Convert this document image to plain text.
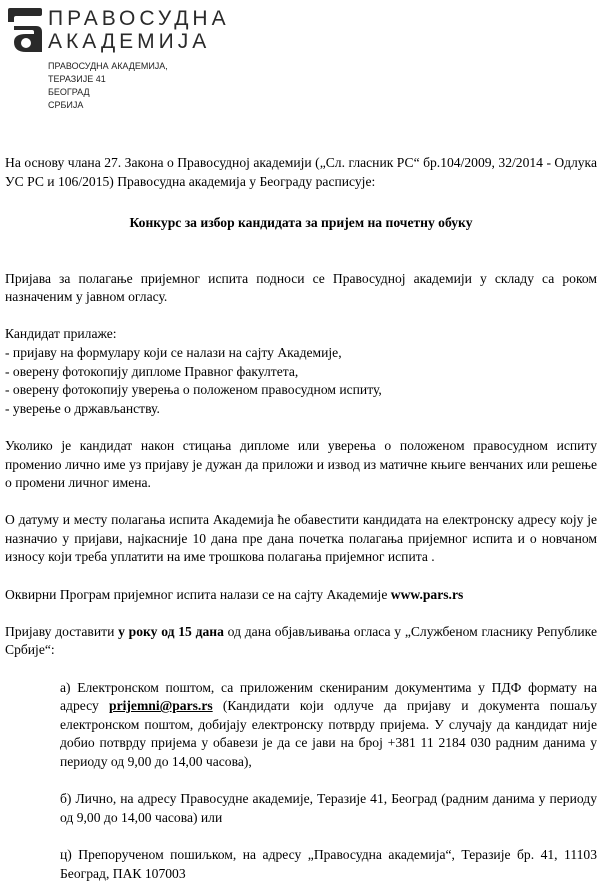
ПРАВОСУДНА
АКАДЕМИЈА
ПРАВОСУДНА АКАДЕМИЈА,
ТЕРАЗИЈЕ 41
БЕОГРАД
СРБИЈА

На основу члана 27. Закона о Правосудној академији („Сл. гласник РС“ бр.104/2009, 32/2014 - Одлука УС РС и 106/2015) Правосудна академија у Београду расписује:

Конкурс за избор кандидата за пријем на почетну обуку

Пријава за полагање пријемног испита подноси се Правосудној академији у складу са роком назначеним у јавном огласу.

Кандидат прилаже:

- пријаву на формулару који се налази на сајту Академије,

- оверену фотокопију дипломе Правног факултета,

- оверену фотокопију уверења о положеном правосудном испиту,

- уверење о држављанству.

Уколико је кандидат након стицања дипломе или уверења о положеном правосудном испиту променио лично име уз пријаву је дужан да приложи и извод из матичне књиге венчаних или решење о промени личног имена.

О датуму и месту полагања испита Академија ће обавестити кандидата на електронску адресу коју је назначио у пријави, најкасније 10 дана пре дана почетка полагања пријемног испита и о новчаном износу који треба уплатити на име трошкова полагања пријемног испита .

Оквирни Програм пријемног испита налази се на сајту Академије www.pars.rs

Пријаву доставити у року од 15 дана од дана објављивања огласа у „Службеном гласнику Републике Србије“:

а) Електронском поштом, са приложеним скенираним документима у ПДФ формату на адресу prijemni@pars.rs (Кандидати који одлуче да пријаву и документа пошаљу електронском поштом, добијају електронску потврду пријема. У случају да кандидат није добио потврду пријема у обавези је да се јави на број +381 11 2184 030 радним данима у периоду од 9,00 до 14,00 часова),

б) Лично, на адресу Правосудне академије, Теразије 41, Београд (радним данима у периоду од 9,00 до 14,00 часова) или

ц) Препорученом пошиљком, на адресу „Правосудна академија“, Теразије бр. 41, 11103 Београд, ПАК 107003
